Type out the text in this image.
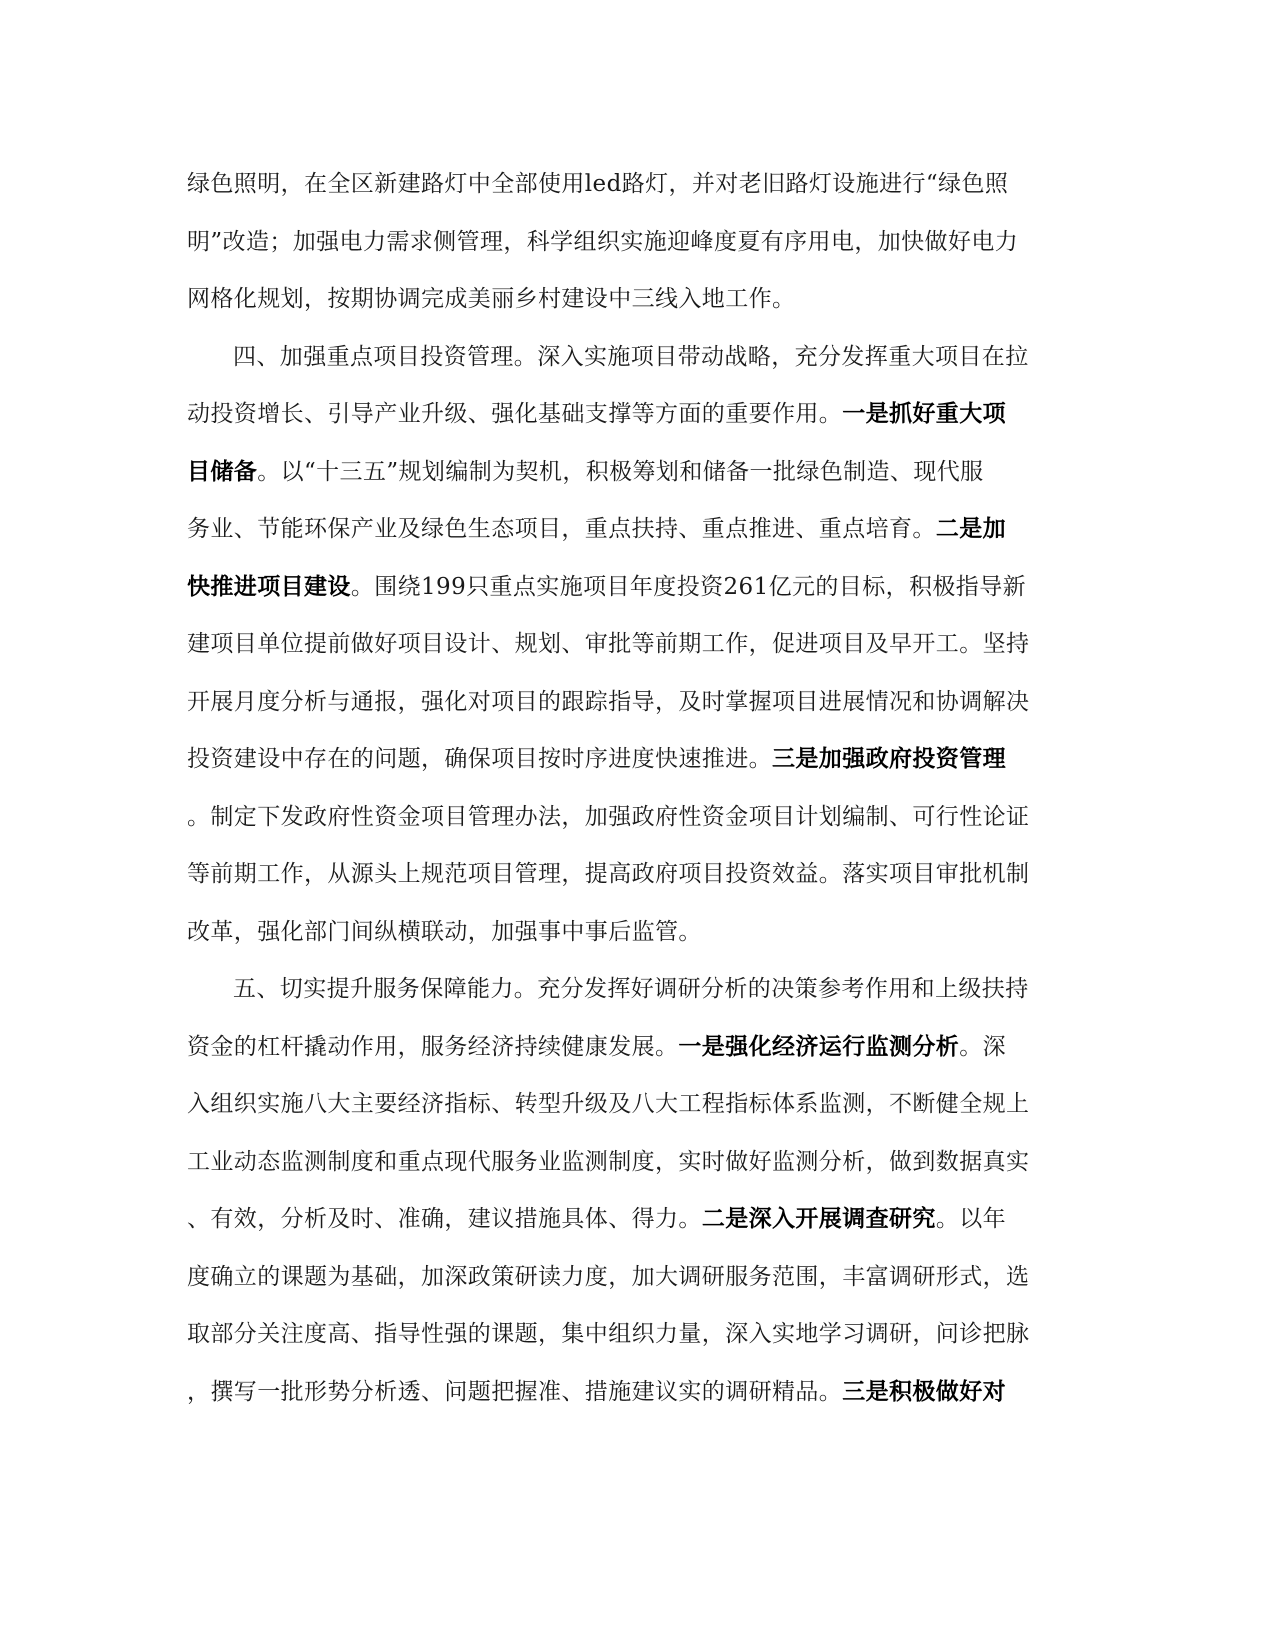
绿色照明，在全区新建路灯中全部使用led路灯，并对老旧路灯设施进行“绿色照
明”改造；加强电力需求侧管理，科学组织实施迎峰度夏有序用电，加快做好电力
网格化规划，按期协调完成美丽乡村建设中三线入地工作。
四、加强重点项目投资管理。深入实施项目带动战略，充分发挥重大项目在拉
动投资增长、引导产业升级、强化基础支撑等方面的重要作用。一是抓好重大项
目储备。以“十三五”规划编制为契机，积极筹划和储备一批绿色制造、现代服
务业、节能环保产业及绿色生态项目，重点扶持、重点推进、重点培育。二是加
快推进项目建设。围绕199只重点实施项目年度投资261亿元的目标，积极指导新
建项目单位提前做好项目设计、规划、审批等前期工作，促进项目及早开工。坚持
开展月度分析与通报，强化对项目的跟踪指导，及时掌握项目进展情况和协调解决
投资建设中存在的问题，确保项目按时序进度快速推进。三是加强政府投资管理
。制定下发政府性资金项目管理办法，加强政府性资金项目计划编制、可行性论证
等前期工作，从源头上规范项目管理，提高政府项目投资效益。落实项目审批机制
改革，强化部门间纵横联动，加强事中事后监管。
五、切实提升服务保障能力。充分发挥好调研分析的决策参考作用和上级扶持
资金的杠杆撬动作用，服务经济持续健康发展。一是强化经济运行监测分析。深
入组织实施八大主要经济指标、转型升级及八大工程指标体系监测，不断健全规上
工业动态监测制度和重点现代服务业监测制度，实时做好监测分析，做到数据真实
、有效，分析及时、准确，建议措施具体、得力。二是深入开展调查研究。以年
度确立的课题为基础，加深政策研读力度，加大调研服务范围，丰富调研形式，选
取部分关注度高、指导性强的课题，集中组织力量，深入实地学习调研，问诊把脉
，撰写一批形势分析透、问题把握准、措施建议实的调研精品。三是积极做好对
